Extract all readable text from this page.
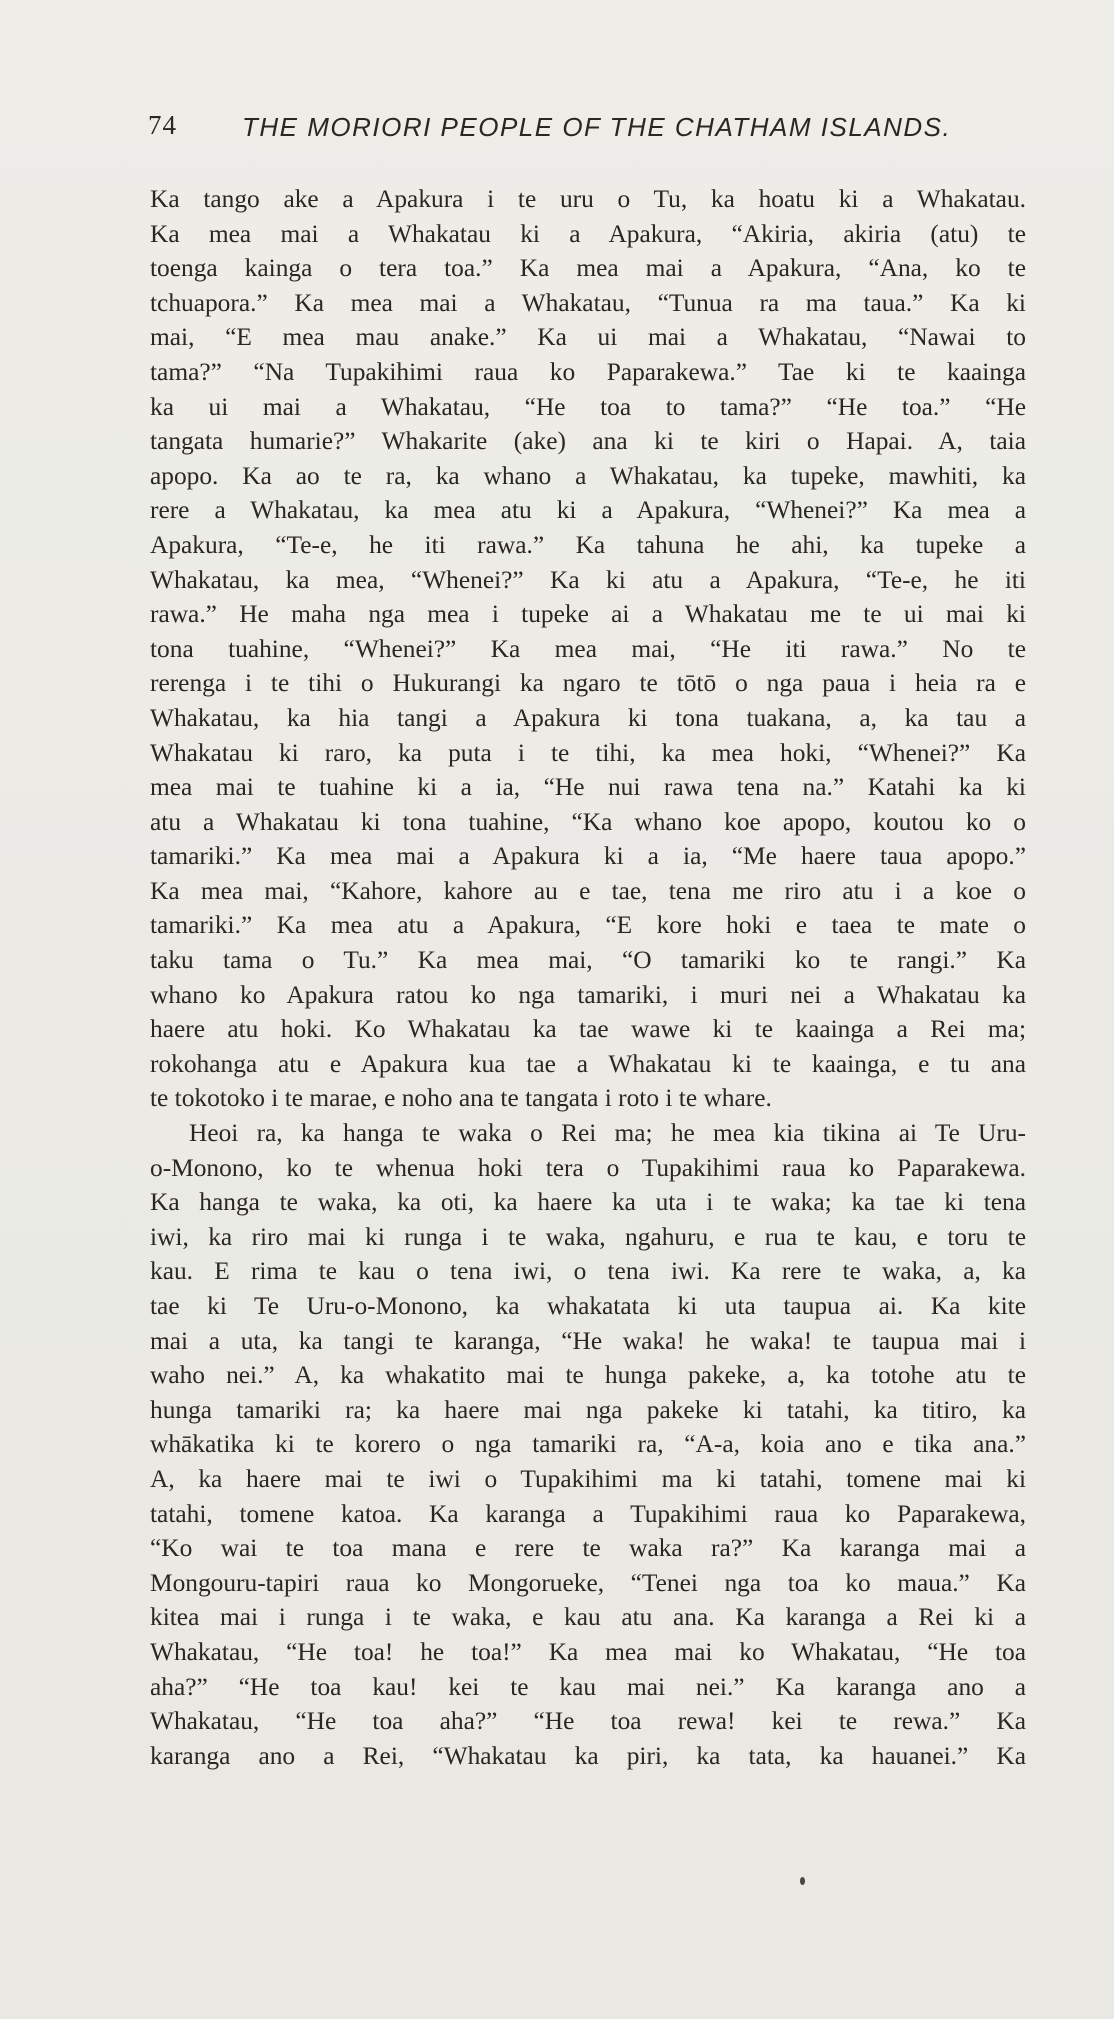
74	THE MORIORI PEOPLE OF THE CHATHAM ISLANDS.
Ka tango ake a Apakura i te uru o Tu, ka hoatu ki a Whakatau.
Ka mea mai a Whakatau ki a Apakura, “Akiria, akiria (atu) te
toenga kainga o tera toa.” Ka mea mai a Apakura, “Ana, ko te
tchuapora.” Ka mea mai a Whakatau, “Tunua ra ma taua.” Ka ki
mai, “E mea mau anake.” Ka ui mai a Whakatau, “Nawai to
tama?” “Na Tupakihimi raua ko Paparakewa.” Tae ki te kaainga
ka ui mai a Whakatau, “He toa to tama?” “He toa.” “He
tangata humarie?” Whakarite (ake) ana ki te kiri o Hapai. A, taia
apopo. Ka ao te ra, ka whano a Whakatau, ka tupeke, mawhiti, ka
rere a Whakatau, ka mea atu ki a Apakura, “Whenei?” Ka mea a
Apakura, “Te-e, he iti rawa.” Ka tahuna he ahi, ka tupeke a
Whakatau, ka mea, “Whenei?” Ka ki atu a Apakura, “Te-e, he iti
rawa.” He maha nga mea i tupeke ai a Whakatau me te ui mai ki
tona tuahine, “Whenei?” Ka mea mai, “He iti rawa.” No te
rerenga i te tihi o Hukurangi ka ngaro te tōtō o nga paua i heia ra e
Whakatau, ka hia tangi a Apakura ki tona tuakana, a, ka tau a
Whakatau ki raro, ka puta i te tihi, ka mea hoki, “Whenei?” Ka
mea mai te tuahine ki a ia, “He nui rawa tena na.” Katahi ka ki
atu a Whakatau ki tona tuahine, “Ka whano koe apopo, koutou ko o
tamariki.” Ka mea mai a Apakura ki a ia, “Me haere taua apopo.”
Ka mea mai, “Kahore, kahore au e tae, tena me riro atu i a koe o
tamariki.” Ka mea atu a Apakura, “E kore hoki e taea te mate o
taku tama o Tu.” Ka mea mai, “O tamariki ko te rangi.” Ka
whano ko Apakura ratou ko nga tamariki, i muri nei a Whakatau ka
haere atu hoki. Ko Whakatau ka tae wawe ki te kaainga a Rei ma;
rokohanga atu e Apakura kua tae a Whakatau ki te kaainga, e tu ana
te tokotoko i te marae, e noho ana te tangata i roto i te whare.
Heoi ra, ka hanga te waka o Rei ma; he mea kia tikina ai Te Uru-
o-Monono, ko te whenua hoki tera o Tupakihimi raua ko Paparakewa.
Ka hanga te waka, ka oti, ka haere ka uta i te waka; ka tae ki tena
iwi, ka riro mai ki runga i te waka, ngahuru, e rua te kau, e toru te
kau. E rima te kau o tena iwi, o tena iwi. Ka rere te waka, a, ka
tae ki Te Uru-o-Monono, ka whakatata ki uta taupua ai. Ka kite
mai a uta, ka tangi te karanga, “He waka! he waka! te taupua mai i
waho nei.” A, ka whakatito mai te hunga pakeke, a, ka totohe atu te
hunga tamariki ra; ka haere mai nga pakeke ki tatahi, ka titiro, ka
whākatika ki te korero o nga tamariki ra, “A-a, koia ano e tika ana.”
A, ka haere mai te iwi o Tupakihimi ma ki tatahi, tomene mai ki
tatahi, tomene katoa. Ka karanga a Tupakihimi raua ko Paparakewa,
“Ko wai te toa mana e rere te waka ra?” Ka karanga mai a
Mongouru-tapiri raua ko Mongorueke, “Tenei nga toa ko maua.” Ka
kitea mai i runga i te waka, e kau atu ana. Ka karanga a Rei ki a
Whakatau, “He toa! he toa!” Ka mea mai ko Whakatau, “He toa
aha?” “He toa kau! kei te kau mai nei.” Ka karanga ano a
Whakatau, “He toa aha?” “He toa rewa! kei te rewa.” Ka
karanga ano a Rei, “Whakatau ka piri, ka tata, ka hauanei.” Ka
